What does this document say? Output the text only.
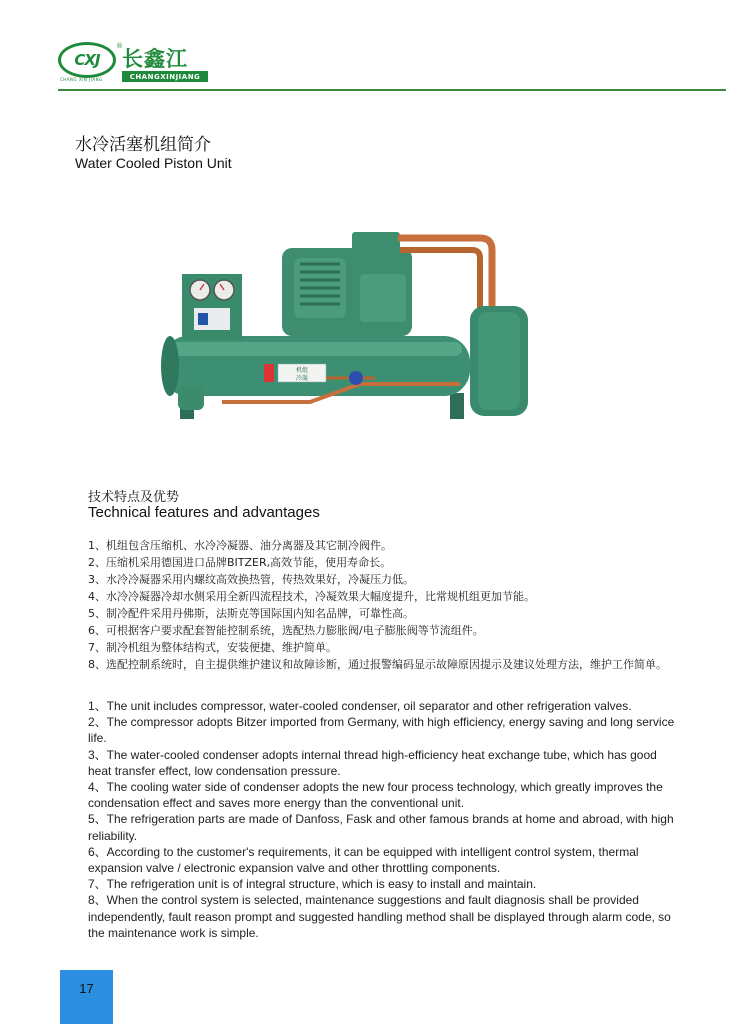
CXJ
® 长鑫江
CHANGXINJIANG
CHANG XIN JIANG
水冷活塞机组简介
Water Cooled Piston Unit
机组
冷凝
技术特点及优势
Technical features and advantages
1、机组包含压缩机、水冷冷凝器、油分离器及其它制冷阀件。
2、压缩机采用德国进口品牌BITZER,高效节能，使用寿命长。
3、水冷冷凝器采用内螺纹高效换热管，传热效果好，冷凝压力低。
4、水冷冷凝器冷却水侧采用全新四流程技术，冷凝效果大幅度提升，比常规机组更加节能。
5、制冷配件采用丹佛斯，法斯克等国际国内知名品牌，可靠性高。
6、可根据客户要求配套智能控制系统，选配热力膨胀阀/电子膨胀阀等节流组件。
7、制冷机组为整体结构式，安装便捷、维护简单。
8、选配控制系统时，自主提供维护建议和故障诊断，通过报警编码显示故障原因提示及建议处理方法，维护工作简单。
1、The unit includes compressor, water-cooled condenser, oil separator and other refrigeration valves.
2、The compressor adopts Bitzer imported from Germany, with high efficiency, energy saving and long service life.
3、The water-cooled condenser adopts internal thread high-efficiency heat exchange tube, which has good heat transfer effect, low condensation pressure.
4、The cooling water side of condenser adopts the new four process technology, which greatly improves the condensation effect and saves more energy than the conventional unit.
5、The refrigeration parts are made of Danfoss, Fask and other famous brands at home and abroad, with high reliability.
6、According to the customer's requirements, it can be equipped with intelligent control system, thermal expansion valve / electronic expansion valve and other throttling components.
7、The refrigeration unit is of integral structure, which is easy to install and maintain.
8、When the control system is selected, maintenance suggestions and fault diagnosis shall be provided independently, fault reason prompt and suggested handling method shall be displayed through alarm code, so the maintenance work is simple.
17
